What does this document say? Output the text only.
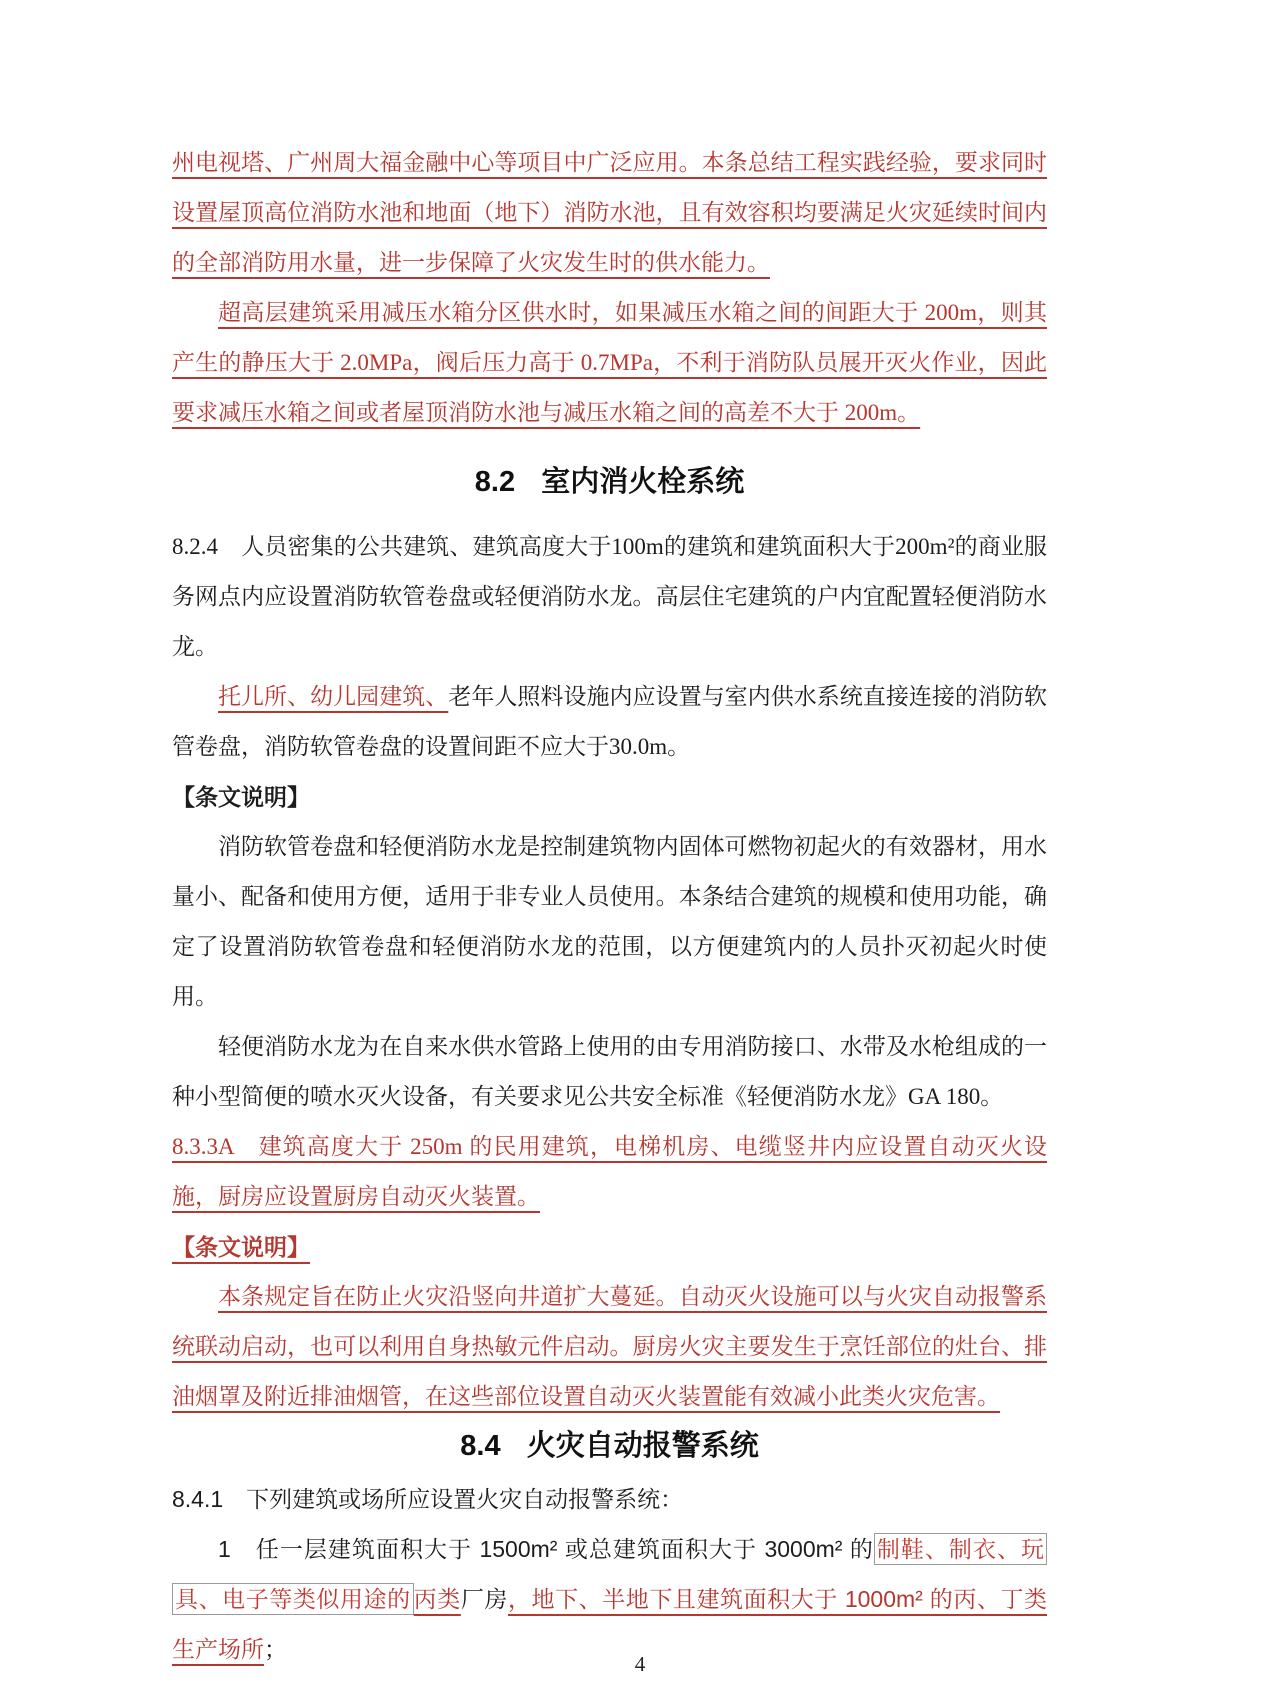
州电视塔、广州周大福金融中心等项目中广泛应用。本条总结工程实践经验，要求同时设置屋顶高位消防水池和地面（地下）消防水池，且有效容积均要满足火灾延续时间内的全部消防用水量，进一步保障了火灾发生时的供水能力。

超高层建筑采用减压水箱分区供水时，如果减压水箱之间的间距大于 200m，则其产生的静压大于 2.0MPa，阀后压力高于 0.7MPa，不利于消防队员展开灭火作业，因此要求减压水箱之间或者屋顶消防水池与减压水箱之间的高差不大于 200m。

8.2 室内消火栓系统

8.2.4　人员密集的公共建筑、建筑高度大于100m的建筑和建筑面积大于200m²的商业服务网点内应设置消防软管卷盘或轻便消防水龙。高层住宅建筑的户内宜配置轻便消防水龙。

托儿所、幼儿园建筑、老年人照料设施内应设置与室内供水系统直接连接的消防软管卷盘，消防软管卷盘的设置间距不应大于30.0m。

【条文说明】

消防软管卷盘和轻便消防水龙是控制建筑物内固体可燃物初起火的有效器材，用水量小、配备和使用方便，适用于非专业人员使用。本条结合建筑的规模和使用功能，确定了设置消防软管卷盘和轻便消防水龙的范围，以方便建筑内的人员扑灭初起火时使用。

轻便消防水龙为在自来水供水管路上使用的由专用消防接口、水带及水枪组成的一种小型简便的喷水灭火设备，有关要求见公共安全标准《轻便消防水龙》GA 180。

8.3.3A　建筑高度大于 250m 的民用建筑，电梯机房、电缆竖井内应设置自动灭火设施，厨房应设置厨房自动灭火装置。

【条文说明】

本条规定旨在防止火灾沿竖向井道扩大蔓延。自动灭火设施可以与火灾自动报警系统联动启动，也可以利用自身热敏元件启动。厨房火灾主要发生于烹饪部位的灶台、排油烟罩及附近排油烟管，在这些部位设置自动灭火装置能有效减小此类火灾危害。

8.4 火灾自动报警系统

8.4.1　下列建筑或场所应设置火灾自动报警系统：

1　任一层建筑面积大于 1500m² 或总建筑面积大于 3000m² 的 制鞋、制衣、玩具、电子等类似用途的 丙类厂房，地下、半地下且建筑面积大于 1000m² 的丙、丁类生产场所；

4
